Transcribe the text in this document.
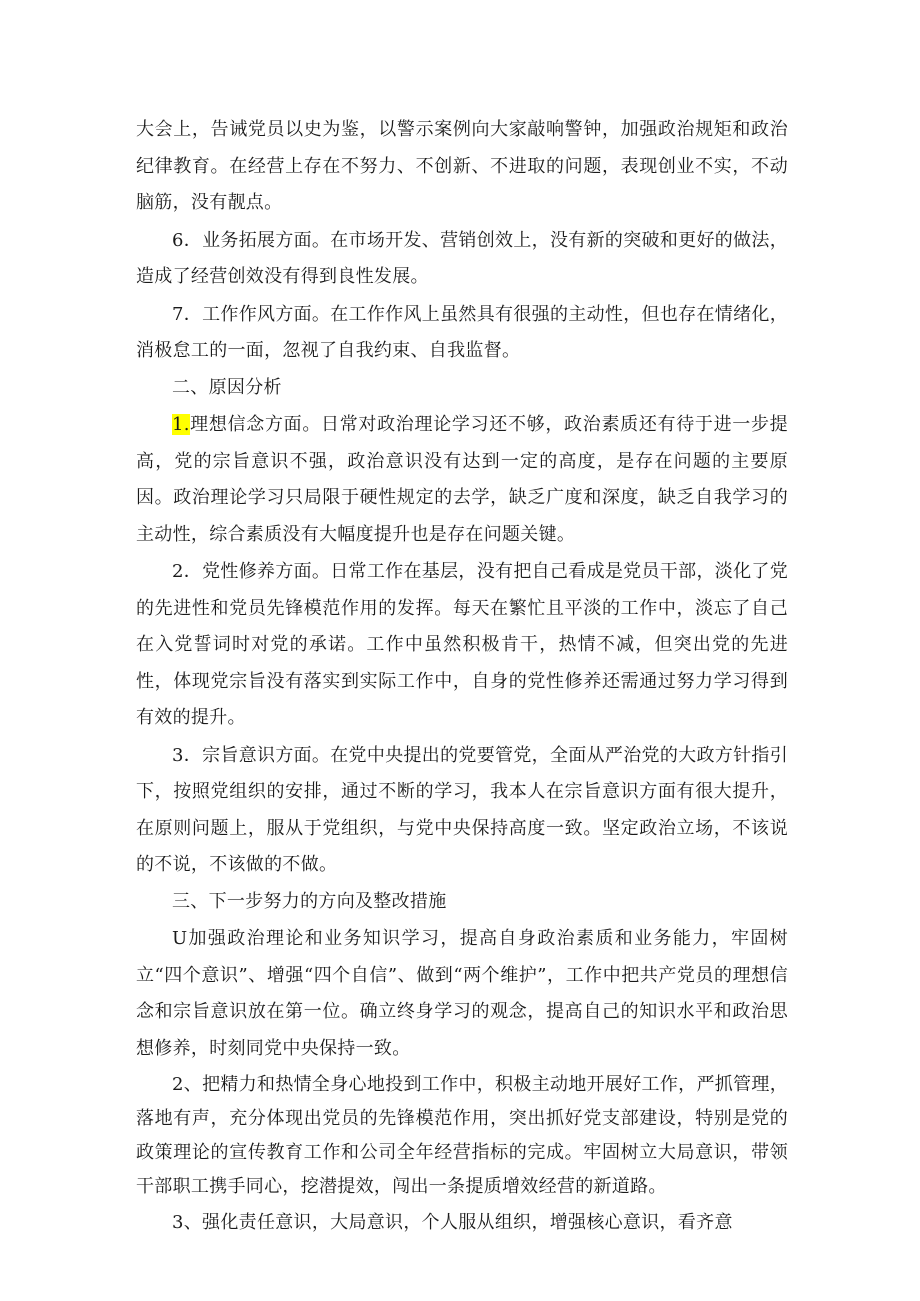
大会上，告诫党员以史为鉴，以警示案例向大家敲响警钟，加强政治规矩和政治纪律教育。在经营上存在不努力、不创新、不进取的问题，表现创业不实，不动脑筋，没有靓点。

6．业务拓展方面。在市场开发、营销创效上，没有新的突破和更好的做法，造成了经营创效没有得到良性发展。

7．工作作风方面。在工作作风上虽然具有很强的主动性，但也存在情绪化，消极怠工的一面，忽视了自我约束、自我监督。

二、原因分析

1.理想信念方面。日常对政治理论学习还不够，政治素质还有待于进一步提高，党的宗旨意识不强，政治意识没有达到一定的高度，是存在问题的主要原因。政治理论学习只局限于硬性规定的去学，缺乏广度和深度，缺乏自我学习的主动性，综合素质没有大幅度提升也是存在问题关键。

2．党性修养方面。日常工作在基层，没有把自己看成是党员干部，淡化了党的先进性和党员先锋模范作用的发挥。每天在繁忙且平淡的工作中，淡忘了自己在入党誓词时对党的承诺。工作中虽然积极肯干，热情不减，但突出党的先进性，体现党宗旨没有落实到实际工作中，自身的党性修养还需通过努力学习得到有效的提升。

3．宗旨意识方面。在党中央提出的党要管党，全面从严治党的大政方针指引下，按照党组织的安排，通过不断的学习，我本人在宗旨意识方面有很大提升，在原则问题上，服从于党组织，与党中央保持高度一致。坚定政治立场，不该说的不说，不该做的不做。

三、下一步努力的方向及整改措施

U加强政治理论和业务知识学习，提高自身政治素质和业务能力，牢固树立“四个意识”、增强“四个自信”、做到“两个维护”，工作中把共产党员的理想信念和宗旨意识放在第一位。确立终身学习的观念，提高自己的知识水平和政治思想修养，时刻同党中央保持一致。

2、把精力和热情全身心地投到工作中，积极主动地开展好工作，严抓管理，落地有声，充分体现出党员的先锋模范作用，突出抓好党支部建设，特别是党的政策理论的宣传教育工作和公司全年经营指标的完成。牢固树立大局意识，带领干部职工携手同心，挖潜提效，闯出一条提质增效经营的新道路。

3、强化责任意识，大局意识，个人服从组织，增强核心意识，看齐意
